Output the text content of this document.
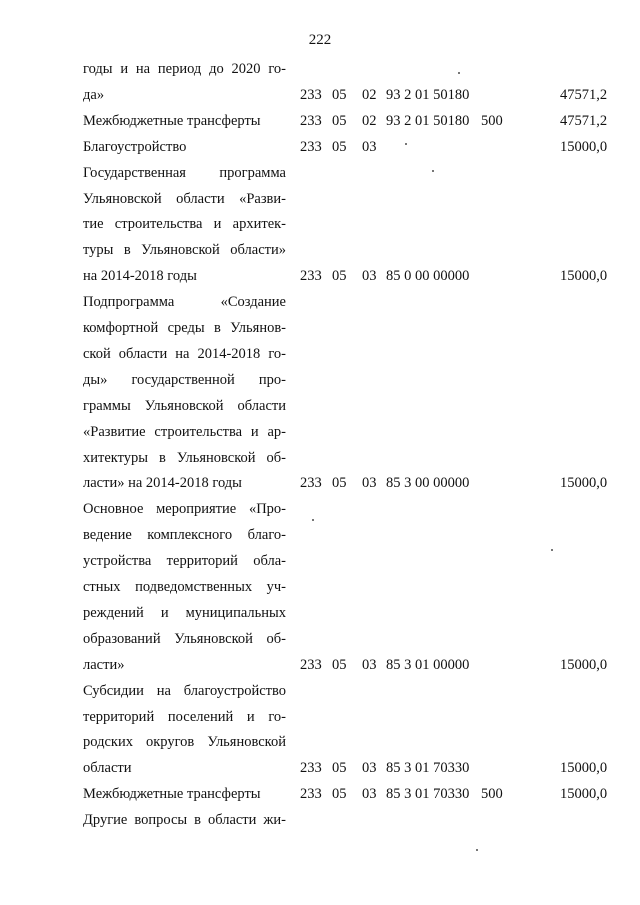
222
годы и на период до 2020 го-
да»	233 05 02 93 2 01 50180	47571,2
Межбюджетные трансферты	233 05 02 93 2 01 50180 500	47571,2
Благоустройство	233 05 03	15000,0
Государственная программа
Ульяновской области «Разви-
тие строительства и архитек-
туры в Ульяновской области»
на 2014-2018 годы	233 05 03 85 0 00 00000	15000,0
Подпрограмма «Создание
комфортной среды в Ульянов-
ской области на 2014-2018 го-
ды» государственной про-
граммы Ульяновской области
«Развитие строительства и ар-
хитектуры в Ульяновской об-
ласти» на 2014-2018 годы	233 05 03 85 3 00 00000	15000,0
Основное мероприятие «Про-
ведение комплексного благо-
устройства территорий обла-
стных подведомственных уч-
реждений и муниципальных
образований Ульяновской об-
ласти»	233 05 03 85 3 01 00000	15000,0
Субсидии на благоустройство
территорий поселений и го-
родских округов Ульяновской
области	233 05 03 85 3 01 70330	15000,0
Межбюджетные трансферты	233 05 03 85 3 01 70330 500	15000,0
Другие вопросы в области жи-
